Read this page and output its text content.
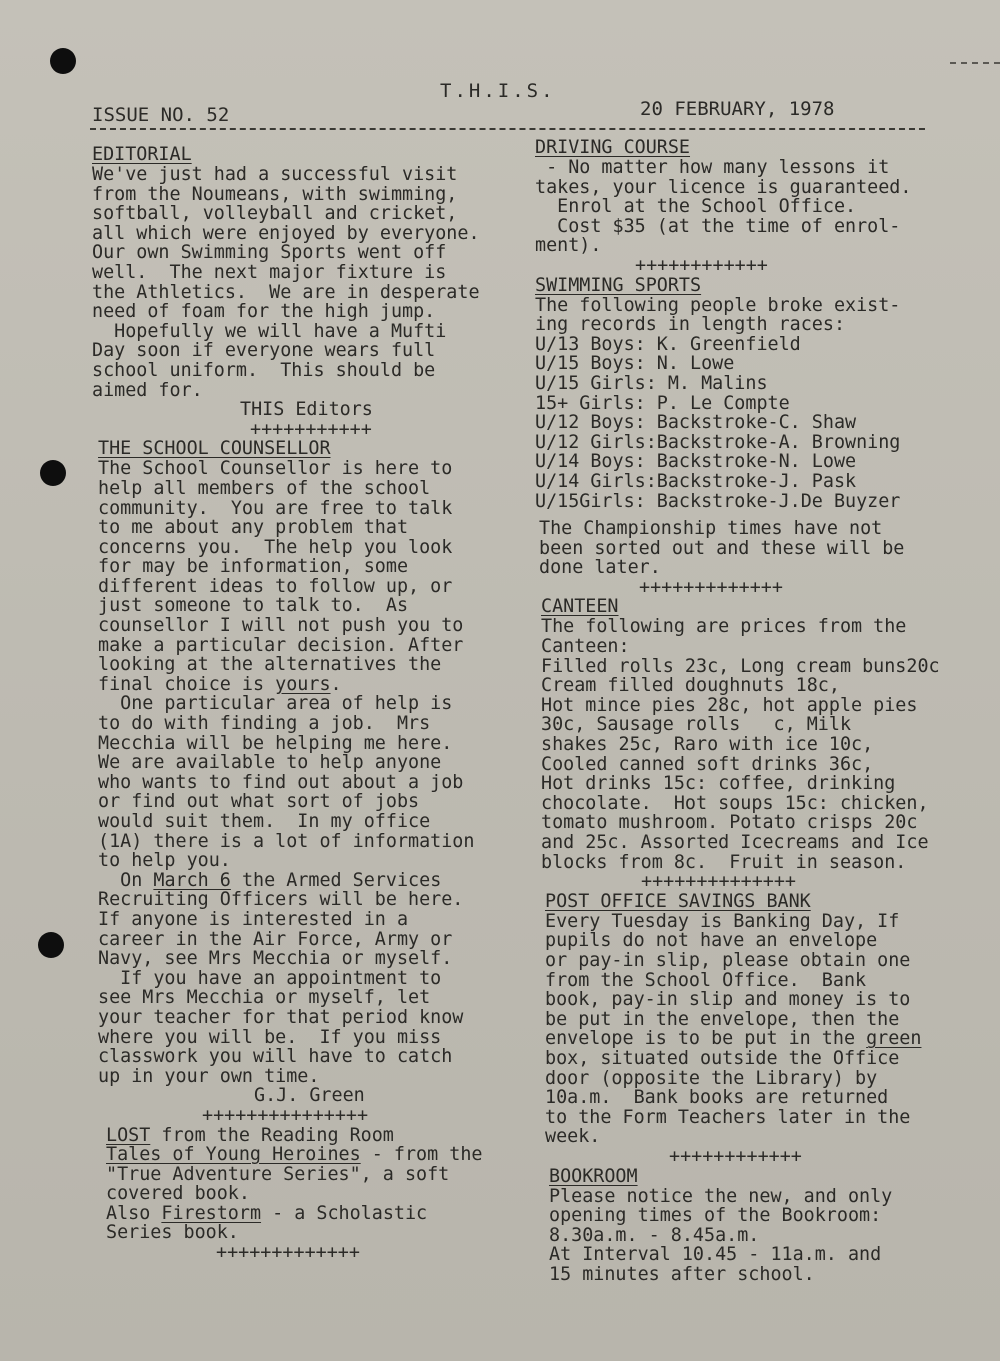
T.H.I.S.
ISSUE NO. 52	20 FEBRUARY, 1978
EDITORIAL
We've just had a successful visit
from the Noumeans, with swimming,
softball, volleyball and cricket,
all which were enjoyed by everyone.
Our own Swimming Sports went off
well.  The next major fixture is
the Athletics.  We are in desperate
need of foam for the high jump.
Hopefully we will have a Mufti
Day soon if everyone wears full
school uniform.  This should be
aimed for.
THIS Editors
+++++++++++
THE SCHOOL COUNSELLOR
The School Counsellor is here to
help all members of the school
community.  You are free to talk
to me about any problem that
concerns you.  The help you look
for may be information, some
different ideas to follow up, or
just someone to talk to.  As
counsellor I will not push you to
make a particular decision. After
looking at the alternatives the
final choice is yours.
One particular area of help is
to do with finding a job.  Mrs
Mecchia will be helping me here.
We are available to help anyone
who wants to find out about a job
or find out what sort of jobs
would suit them.  In my office
(1A) there is a lot of information
to help you.
On March 6 the Armed Services
Recruiting Officers will be here.
If anyone is interested in a
career in the Air Force, Army or
Navy, see Mrs Mecchia or myself.
If you have an appointment to
see Mrs Mecchia or myself, let
your teacher for that period know
where you will be.  If you miss
classwork you will have to catch
up in your own time.
G.J. Green
+++++++++++++++
LOST from the Reading Room
Tales of Young Heroines - from the
"True Adventure Series", a soft
covered book.
Also Firestorm - a Scholastic
Series book.
+++++++++++++
DRIVING COURSE
- No matter how many lessons it
takes, your licence is guaranteed.
Enrol at the School Office.
Cost $35 (at the time of enrol-
ment).
++++++++++++
SWIMMING SPORTS
The following people broke exist-
ing records in length races:
U/13 Boys: K. Greenfield
U/15 Boys: N. Lowe
U/15 Girls: M. Malins
15+ Girls: P. Le Compte
U/12 Boys: Backstroke-C. Shaw
U/12 Girls:Backstroke-A. Browning
U/14 Boys: Backstroke-N. Lowe
U/14 Girls:Backstroke-J. Pask
U/15Girls: Backstroke-J.De Buyzer
The Championship times have not
been sorted out and these will be
done later.
+++++++++++++
CANTEEN
The following are prices from the
Canteen:
Filled rolls 23c, Long cream buns20c
Cream filled doughnuts 18c,
Hot mince pies 28c, hot apple pies
30c, Sausage rolls   c, Milk
shakes 25c, Raro with ice 10c,
Cooled canned soft drinks 36c,
Hot drinks 15c: coffee, drinking
chocolate.  Hot soups 15c: chicken,
tomato mushroom. Potato crisps 20c
and 25c. Assorted Icecreams and Ice
blocks from 8c.  Fruit in season.
++++++++++++++
POST OFFICE SAVINGS BANK
Every Tuesday is Banking Day, If
pupils do not have an envelope
or pay-in slip, please obtain one
from the School Office.  Bank
book, pay-in slip and money is to
be put in the envelope, then the
envelope is to be put in the green
box, situated outside the Office
door (opposite the Library) by
10a.m.  Bank books are returned
to the Form Teachers later in the
week.
++++++++++++
BOOKROOM
Please notice the new, and only
opening times of the Bookroom:
8.30a.m. - 8.45a.m.
At Interval 10.45 - 11a.m. and
15 minutes after school.
